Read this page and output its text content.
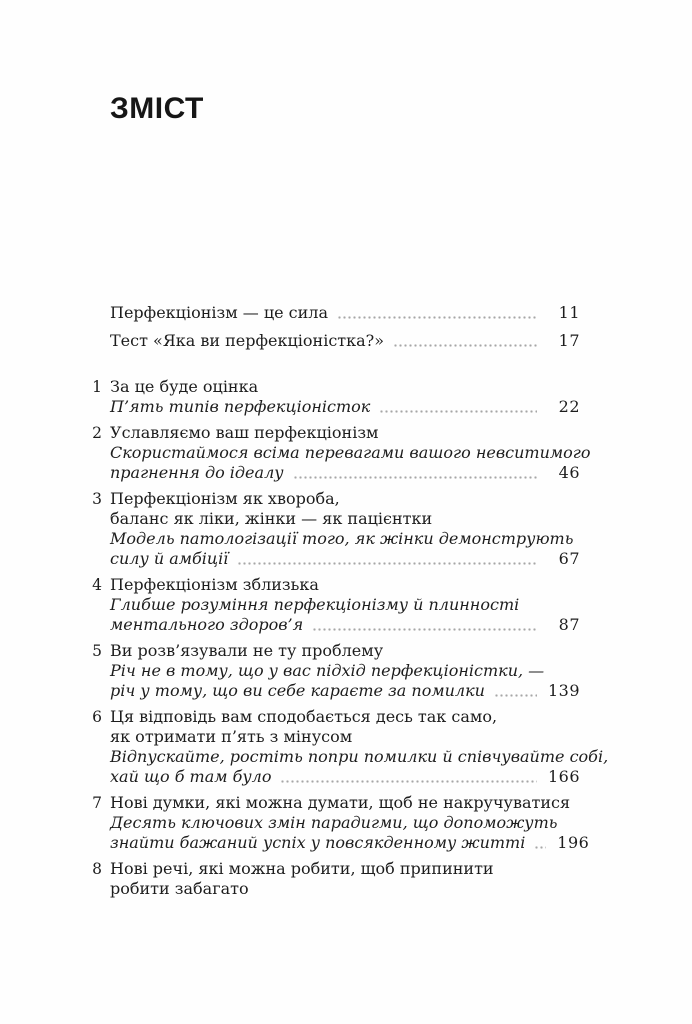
ЗМІСТ
Перфекціонізм — це сила	11
Тест «Яка ви перфекціоністка?»	17
1 За це буде оцінка
П’ять типів перфекціоністок	22
2 Уславляємо ваш перфекціонізм
Скористаймося всіма перевагами вашого невситимого
прагнення до ідеалу	46
3 Перфекціонізм як хвороба,
баланс як ліки, жінки — як пацієнтки
Модель патологізації того, як жінки демонструють
силу й амбіції	67
4 Перфекціонізм зблизька
Глибше розуміння перфекціонізму й плинності
ментального здоров’я	87
5 Ви розв’язували не ту проблему
Річ не в тому, що у вас підхід перфекціоністки, —
річ у тому, що ви себе караєте за помилки	139
6 Ця відповідь вам сподобається десь так само,
як отримати п’ять з мінусом
Відпускайте, ростіть попри помилки й співчувайте собі,
хай що б там було	166
7 Нові думки, які можна думати, щоб не накручуватися
Десять ключових змін парадигми, що допоможуть
знайти бажаний успіх у повсякденному житті 196
8 Нові речі, які можна робити, щоб припинити
робити забагато
